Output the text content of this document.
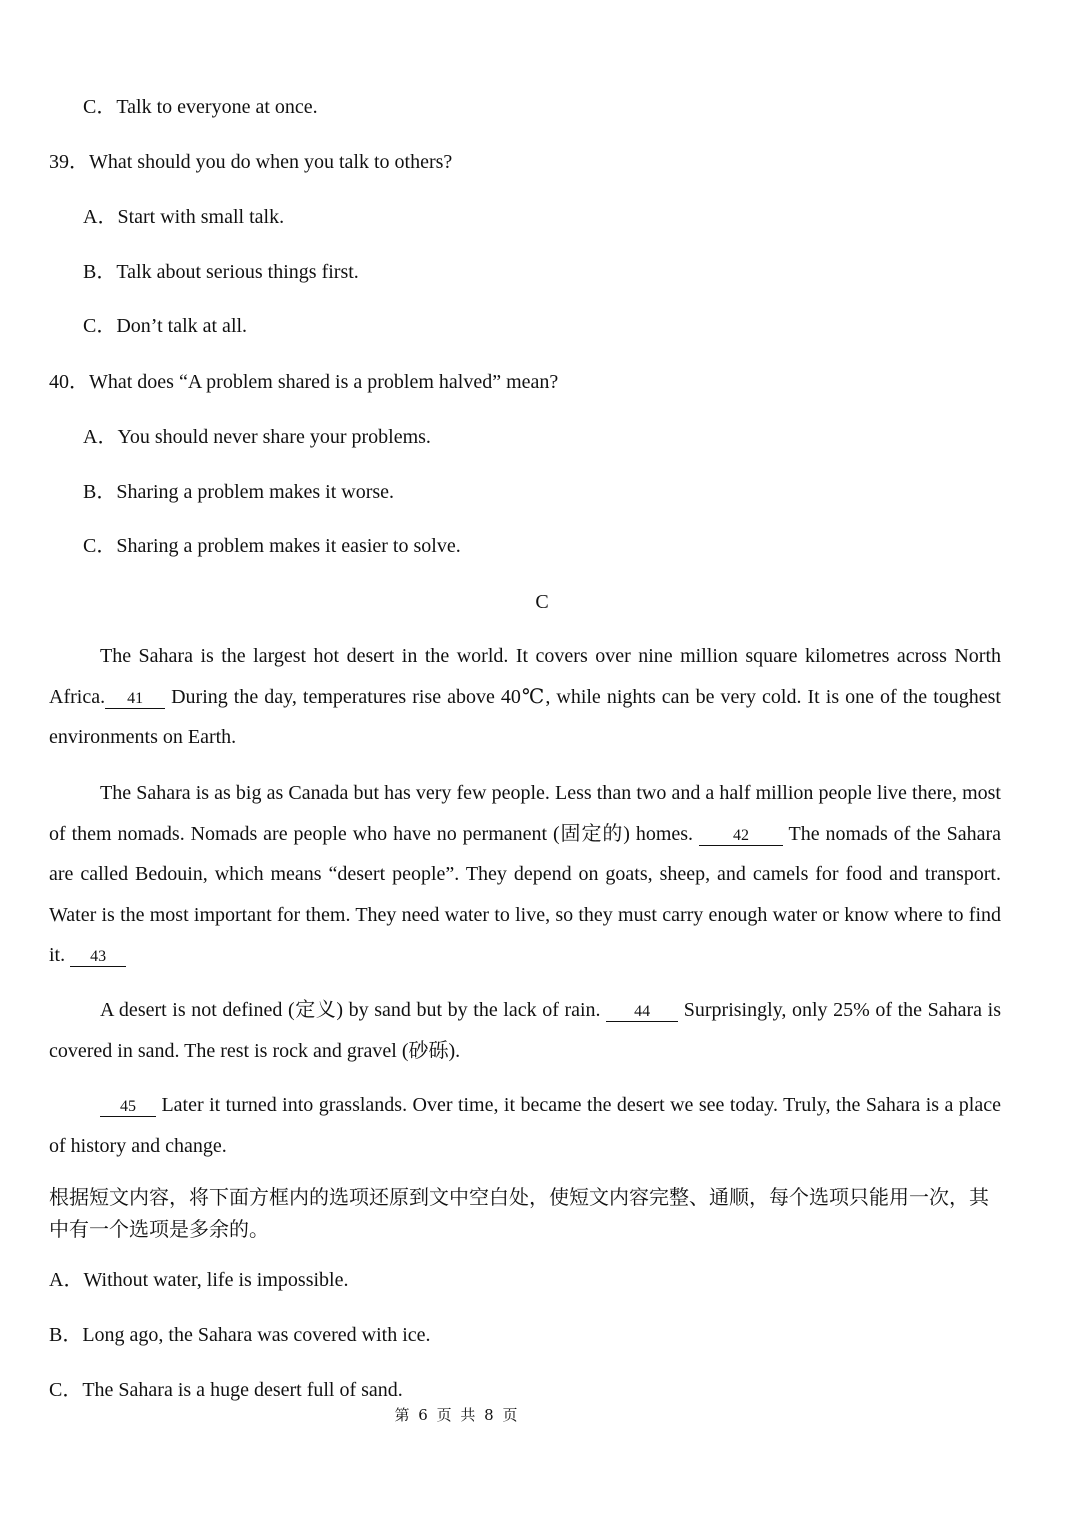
C．Talk to everyone at once.
39．What should you do when you talk to others?
A．Start with small talk.
B．Talk about serious things first.
C．Don’t talk at all.
40．What does “A problem shared is a problem halved” mean?
A．You should never share your problems.
B．Sharing a problem makes it worse.
C．Sharing a problem makes it easier to solve.
C
The Sahara is the largest hot desert in the world. It covers over nine million square kilometres across North Africa. 41 During the day, temperatures rise above 40℃, while nights can be very cold. It is one of the toughest environments on Earth.
The Sahara is as big as Canada but has very few people. Less than two and a half million people live there, most of them nomads. Nomads are people who have no permanent (固定的) homes. 42 The nomads of the Sahara are called Bedouin, which means “desert people”. They depend on goats, sheep, and camels for food and transport. Water is the most important for them. They need water to live, so they must carry enough water or know where to find it. 43
A desert is not defined (定义) by sand but by the lack of rain. 44 Surprisingly, only 25% of the Sahara is covered in sand. The rest is rock and gravel (砂砾).
45 Later it turned into grasslands. Over time, it became the desert we see today. Truly, the Sahara is a place of history and change.
根据短文内容，将下面方框内的选项还原到文中空白处，使短文内容完整、通顺，每个选项只能用一次，其中有一个选项是多余的。
A．Without water, life is impossible.
B．Long ago, the Sahara was covered with ice.
C．The Sahara is a huge desert full of sand.
第 6 页 共 8 页
